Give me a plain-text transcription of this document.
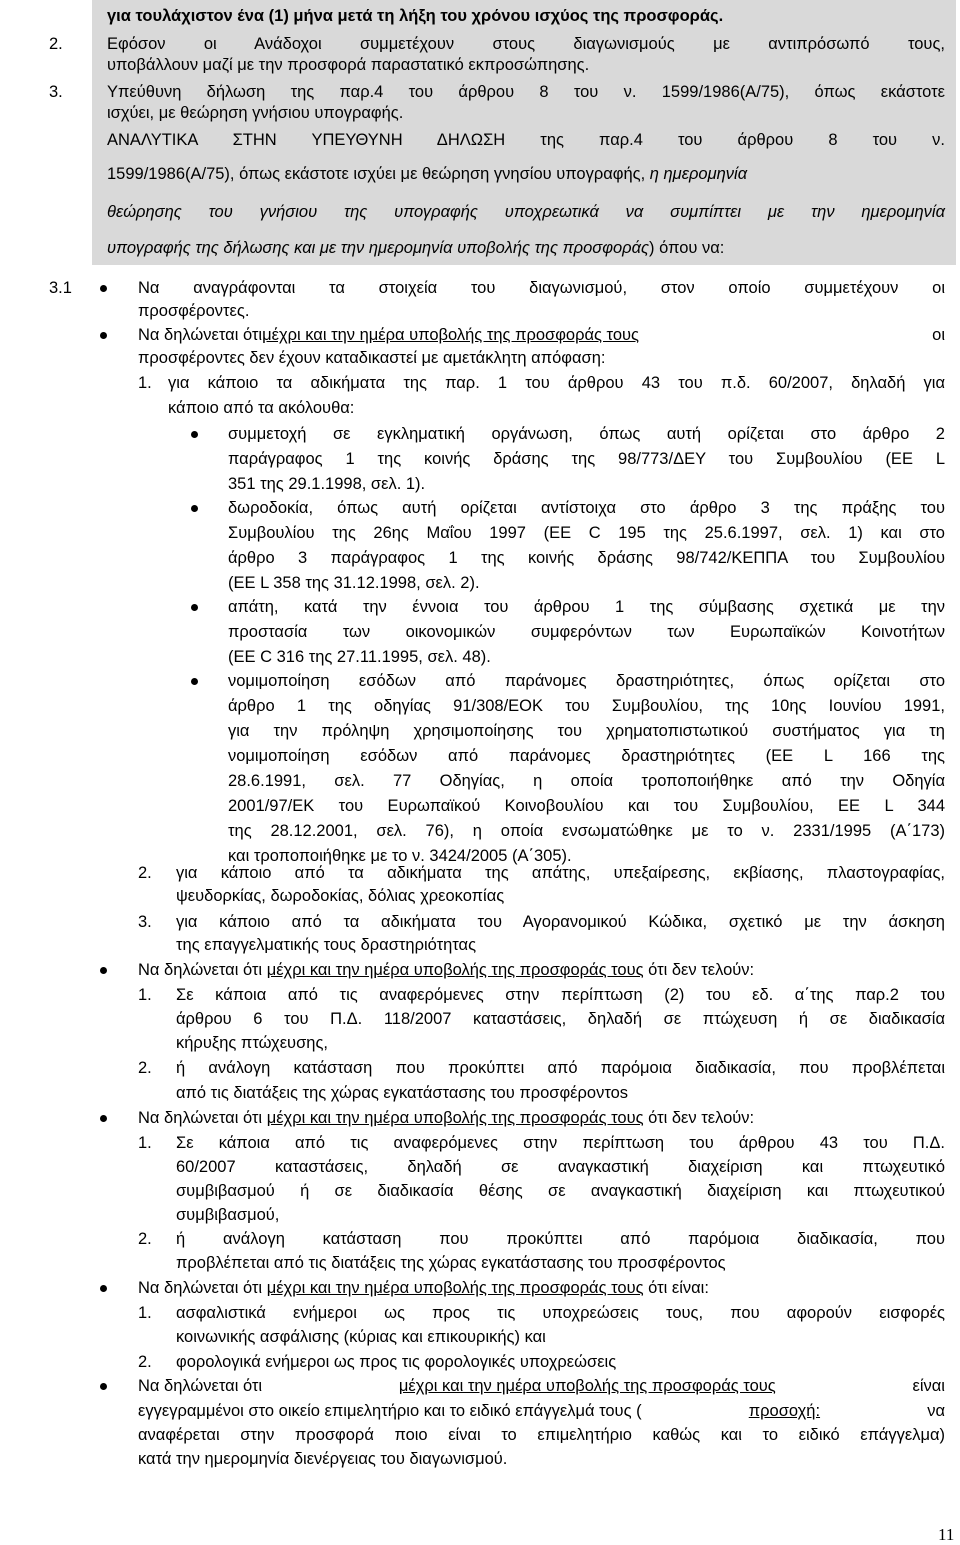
για τουλάχιστον ένα (1) μήνα μετά τη λήξη του χρόνου ισχύος της προσφοράς.
2.	Εφόσον οι Ανάδοχοι συμμετέχουν στους διαγωνισμούς με αντιπρόσωπό τους,
υποβάλλουν μαζί με την προσφορά παραστατικό εκπροσώπησης.
3.	Υπεύθυνη δήλωση της παρ.4 του άρθρου 8 του ν. 1599/1986(Α/75), όπως εκάστοτε
ισχύει, με θεώρηση γνήσιου υπογραφής.
ΑΝΑΛΥΤΙΚΑ ΣΤΗΝ ΥΠΕΥΘΥΝΗ ΔΗΛΩΣΗ της παρ.4 του άρθρου 8 του ν.
1599/1986(Α/75), όπως εκάστοτε ισχύει με θεώρηση γνησίου υπογραφής, η ημερομηνία
θεώρησης του γνήσιου της υπογραφής υποχρεωτικά να συμπίπτει με την ημερομηνία
υπογραφής της δήλωσης και με την ημερομηνία υποβολής της προσφοράς) όπου να:
3.1	Να αναγράφονται τα στοιχεία του διαγωνισμού, στον οποίο συμμετέχουν οι
προσφέροντες.
Να δηλώνεται ότι μέχρι και την ημέρα υποβολής της προσφοράς τους	οι
προσφέροντες δεν έχουν καταδικαστεί με αμετάκλητη απόφαση:
1. για κάποιο τα αδικήματα της παρ. 1 του άρθρου 43 του π.δ. 60/2007, δηλαδή για
κάποιο από τα ακόλουθα:
συμμετοχή σε εγκληματική οργάνωση, όπως αυτή ορίζεται στο άρθρο 2
παράγραφος 1 της κοινής δράσης της 98/773/ΔΕΥ του Συμβουλίου (ΕΕ L
351 της 29.1.1998, σελ. 1).
δωροδοκία, όπως αυτή ορίζεται αντίστοιχα στο άρθρο 3 της πράξης του
Συμβουλίου της 26ης Μαΐου 1997 (ΕΕ C 195 της 25.6.1997, σελ. 1) και στο
άρθρο 3 παράγραφος 1 της κοινής δράσης 98/742/ΚΕΠΠΑ του Συμβουλίου
(ΕΕ L 358 της 31.12.1998, σελ. 2).
απάτη, κατά την έννοια του άρθρου 1 της σύμβασης σχετικά με την
προστασία των οικονομικών συμφερόντων των Ευρωπαϊκών Κοινοτήτων
(ΕΕ C 316 της 27.11.1995, σελ. 48).
νομιμοποίηση εσόδων από παράνομες δραστηριότητες, όπως ορίζεται στο
άρθρο 1 της οδηγίας 91/308/ΕΟΚ του Συμβουλίου, της 10ης Ιουνίου 1991,
για την πρόληψη χρησιμοποίησης του χρηματοπιστωτικού συστήματος για τη
νομιμοποίηση εσόδων από παράνομες δραστηριότητες (ΕΕ L 166 της
28.6.1991, σελ. 77 Οδηγίας, η οποία τροποποιήθηκε από την Οδηγία
2001/97/ΕΚ του Ευρωπαϊκού Κοινοβουλίου και του Συμβουλίου, ΕΕ L 344
της 28.12.2001, σελ. 76), η οποία ενσωματώθηκε με το ν. 2331/1995 (Α΄173)
και τροποποιήθηκε με το ν. 3424/2005 (Α΄305).
2. για κάποιο από τα αδικήματα της απάτης, υπεξαίρεσης, εκβίασης, πλαστογραφίας,
ψευδορκίας, δωροδοκίας, δόλιας χρεοκοπίας
3. για κάποιο από τα αδικήματα του Αγορανομικού Κώδικα, σχετικό με την άσκηση
της επαγγελματικής τους δραστηριότητας
Να δηλώνεται ότι μέχρι και την ημέρα υποβολής της προσφοράς τους ότι δεν τελούν:
1. Σε κάποια από τις αναφερόμενες στην περίπτωση (2) του εδ. α΄της παρ.2 του
άρθρου 6 του Π.Δ. 118/2007 καταστάσεις, δηλαδή σε πτώχευση ή σε διαδικασία
κήρυξης πτώχευσης,
2. ή ανάλογη κατάσταση που προκύπτει από παρόμοια διαδικασία, που προβλέπεται
από τις διατάξεις της χώρας εγκατάστασης του προσφέροντοs
Να δηλώνεται ότι μέχρι και την ημέρα υποβολής της προσφοράς τους ότι δεν τελούν:
1. Σε κάποια από τις αναφερόμενες στην περίπτωση του άρθρου 43 του Π.Δ.
60/2007 καταστάσεις, δηλαδή σε αναγκαστική διαχείριση και πτωχευτικό
συμβιβασμού ή σε διαδικασία θέσης σε αναγκαστική διαχείριση και πτωχευτικού
συμβιβασμού,
2. ή ανάλογη κατάσταση που προκύπτει από παρόμοια διαδικασία, που
προβλέπεται από τις διατάξεις της χώρας εγκατάστασης του προσφέροντος
Να δηλώνεται ότι μέχρι και την ημέρα υποβολής της προσφοράς τους ότι είναι:
1. ασφαλιστικά ενήμεροι ως προς τις υποχρεώσεις τους, που αφορούν εισφορές
κοινωνικής ασφάλισης (κύριας και επικουρικής) και
2. φορολογικά ενήμεροι ως προς τις φορολογικές υποχρεώσεις
Να δηλώνεται ότι	μέχρι και την ημέρα υποβολής της προσφοράς τους	είναι
εγγεγραμμένοι στο οικείο επιμελητήριο και το ειδικό επάγγελμά τους (	προσοχή:	να
αναφέρεται στην προσφορά ποιο είναι το επιμελητήριο καθώς και το ειδικό επάγγελμα)
κατά την ημερομηνία διενέργειας του διαγωνισμού.
11
